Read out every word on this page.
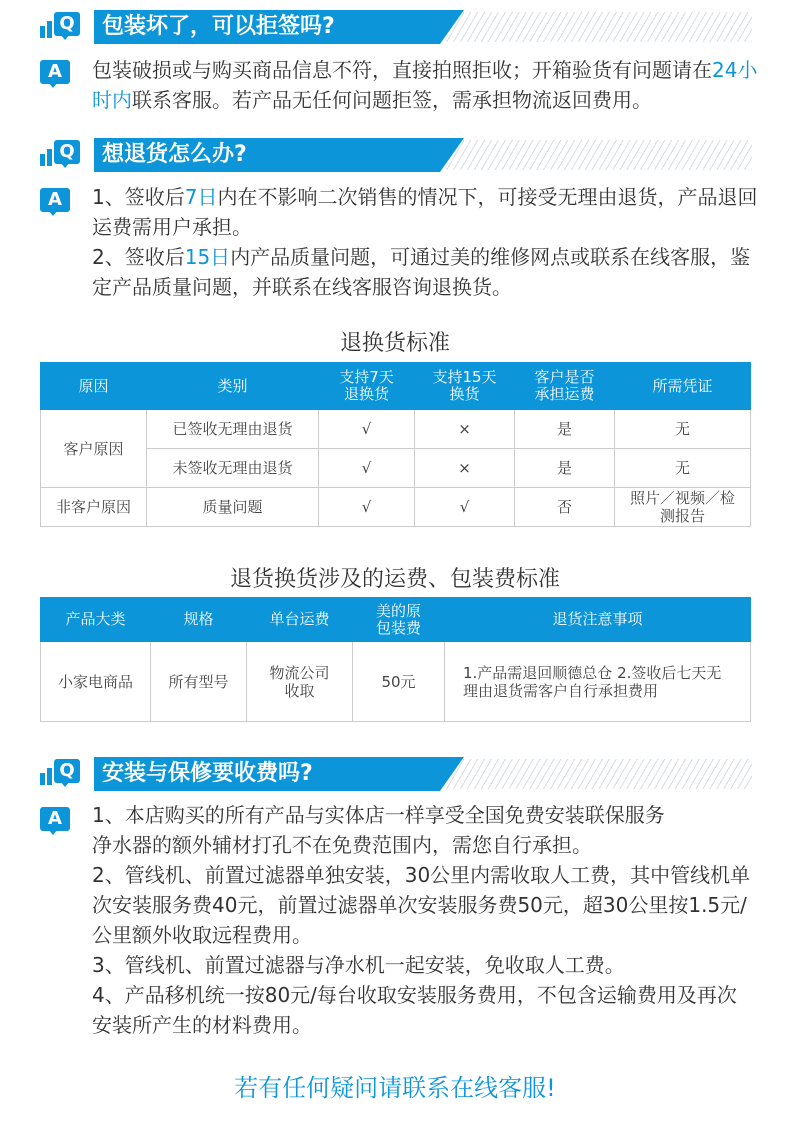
Q 包装坏了，可以拒签吗?
A	包装破损或与购买商品信息不符，直接拍照拒收；开箱验货有问题请在24小时内联系客服。若产品无任何问题拒签，需承担物流返回费用。
Q 想退货怎么办?
A	1、签收后7日内在不影响二次销售的情况下，可接受无理由退货，产品退回运费需用户承担。
2、签收后15日内产品质量问题，可通过美的维修网点或联系在线客服，鉴定产品质量问题，并联系在线客服咨询退换货。
退换货标准
原因	类别	支持7天退换货	支持15天换货	客户是否承担运费	所需凭证
客户原因	已签收无理由退货	√	×	是	无
	未签收无理由退货	√	×	是	无
非客户原因	质量问题	√	√	否	照片／视频／检测报告
退货换货涉及的运费、包装费标准
产品大类	规格	单台运费	美的原包装费	退货注意事项
小家电商品	所有型号	物流公司收取	50元	1.产品需退回顺德总仓 2.签收后七天无理由退货需客户自行承担费用
Q 安装与保修要收费吗?
A	1、本店购买的所有产品与实体店一样享受全国免费安装联保服务
净水器的额外辅材打孔不在免费范围内，需您自行承担。
2、管线机、前置过滤器单独安装，30公里内需收取人工费，其中管线机单次安装服务费40元，前置过滤器单次安装服务费50元，超30公里按1.5元/公里额外收取远程费用。
3、管线机、前置过滤器与净水机一起安装，免收取人工费。
4、产品移机统一按80元/每台收取安装服务费用，不包含运输费用及再次安装所产生的材料费用。
若有任何疑问请联系在线客服!
